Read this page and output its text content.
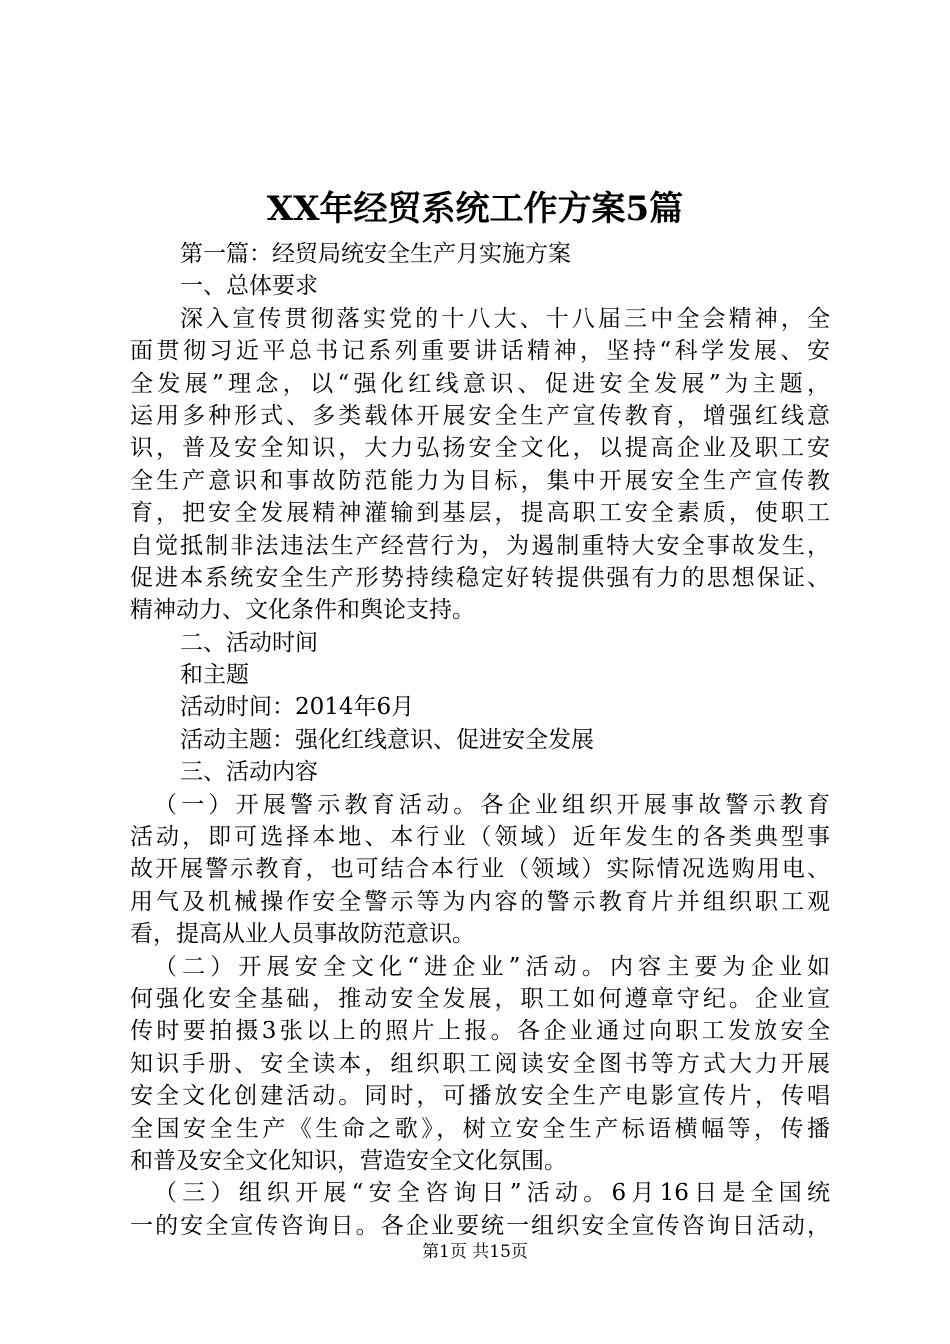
XX年经贸系统工作方案5篇
第一篇：经贸局统安全生产月实施方案
一、总体要求
深入宣传贯彻落实党的十八大、十八届三中全会精神，全
面贯彻习近平总书记系列重要讲话精神，坚持“科学发展、安
全发展”理念，以“强化红线意识、促进安全发展”为主题，
运用多种形式、多类载体开展安全生产宣传教育，增强红线意
识，普及安全知识，大力弘扬安全文化，以提高企业及职工安
全生产意识和事故防范能力为目标，集中开展安全生产宣传教
育，把安全发展精神灌输到基层，提高职工安全素质，使职工
自觉抵制非法违法生产经营行为，为遏制重特大安全事故发生，
促进本系统安全生产形势持续稳定好转提供强有力的思想保证、
精神动力、文化条件和舆论支持。
二、活动时间
和主题
活动时间：2014年6月
活动主题：强化红线意识、促进安全发展
三、活动内容
（一）开展警示教育活动。各企业组织开展事故警示教育
活动，即可选择本地、本行业（领域）近年发生的各类典型事
故开展警示教育，也可结合本行业（领域）实际情况选购用电、
用气及机械操作安全警示等为内容的警示教育片并组织职工观
看，提高从业人员事故防范意识。
（二）开展安全文化“进企业”活动。内容主要为企业如
何强化安全基础，推动安全发展，职工如何遵章守纪。企业宣
传时要拍摄3张以上的照片上报。各企业通过向职工发放安全
知识手册、安全读本，组织职工阅读安全图书等方式大力开展
安全文化创建活动。同时，可播放安全生产电影宣传片，传唱
全国安全生产《生命之歌》，树立安全生产标语横幅等，传播
和普及安全文化知识，营造安全文化氛围。
（三）组织开展“安全咨询日”活动。6月16日是全国统
一的安全宣传咨询日。各企业要统一组织安全宣传咨询日活动，
第1页 共15页
